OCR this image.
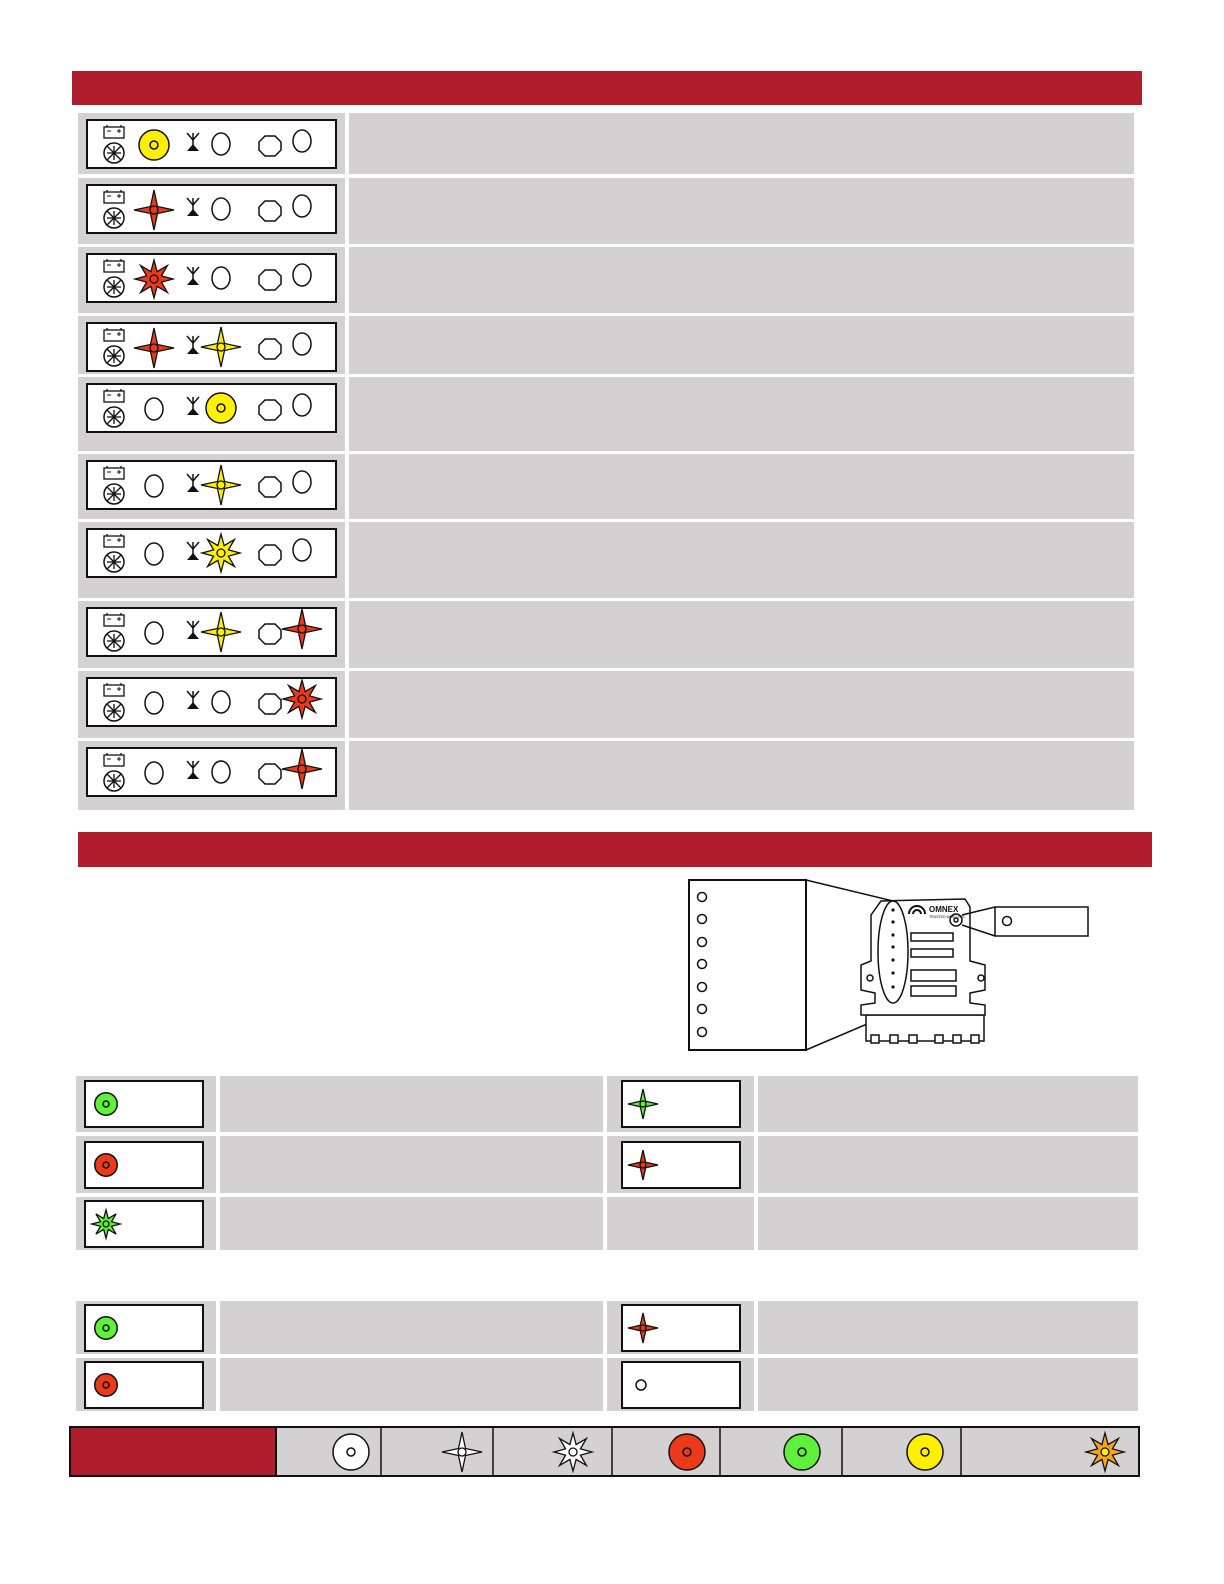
OMNEX
TRUSTED WIRELESS
